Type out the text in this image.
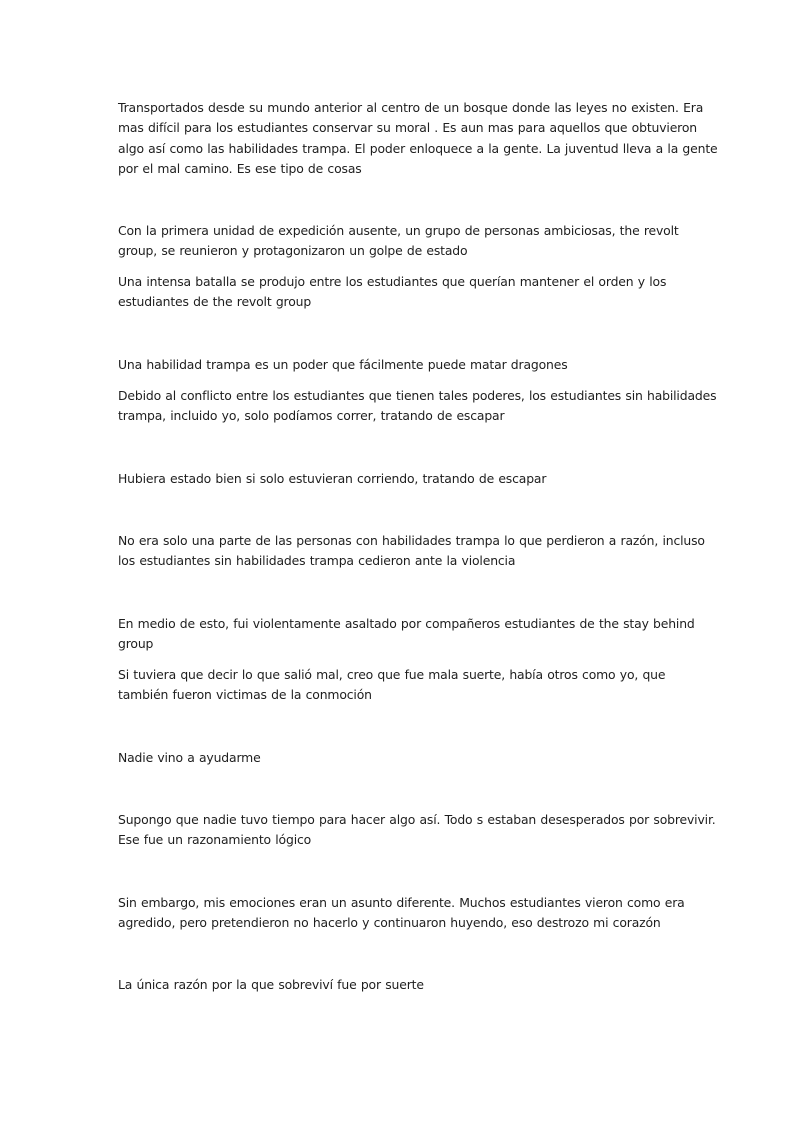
Transportados desde su mundo anterior al centro de un bosque donde las leyes no existen. Era mas difícil para los estudiantes conservar su moral . Es aun mas para aquellos que obtuvieron algo así como las habilidades trampa. El poder enloquece a la gente. La juventud lleva a la gente por el mal camino. Es ese tipo de cosas

Con la primera unidad de expedición ausente, un grupo de personas ambiciosas, the revolt group, se reunieron y protagonizaron un golpe de estado

Una intensa batalla se produjo entre los estudiantes que querían mantener el orden y los estudiantes de the revolt group

Una habilidad trampa es un poder que fácilmente puede matar dragones

Debido al conflicto entre los estudiantes que tienen tales poderes, los estudiantes sin habilidades trampa, incluido yo, solo podíamos correr, tratando de escapar

Hubiera estado bien si solo estuvieran corriendo, tratando de escapar

No era solo una parte de las personas con habilidades trampa lo que perdieron a razón, incluso los estudiantes sin habilidades trampa cedieron ante la violencia

En medio de esto, fui violentamente asaltado por compañeros estudiantes de the stay behind group

Si tuviera que decir lo que salió mal, creo que fue mala suerte, había otros como yo, que también fueron victimas de la conmoción

Nadie vino a ayudarme

Supongo que nadie tuvo tiempo para hacer algo así. Todo s estaban desesperados por sobrevivir. Ese fue un razonamiento lógico

Sin embargo, mis emociones eran un asunto diferente. Muchos estudiantes vieron como era agredido, pero pretendieron no hacerlo y continuaron huyendo, eso destrozo mi corazón

La única razón por la que sobreviví fue por suerte
